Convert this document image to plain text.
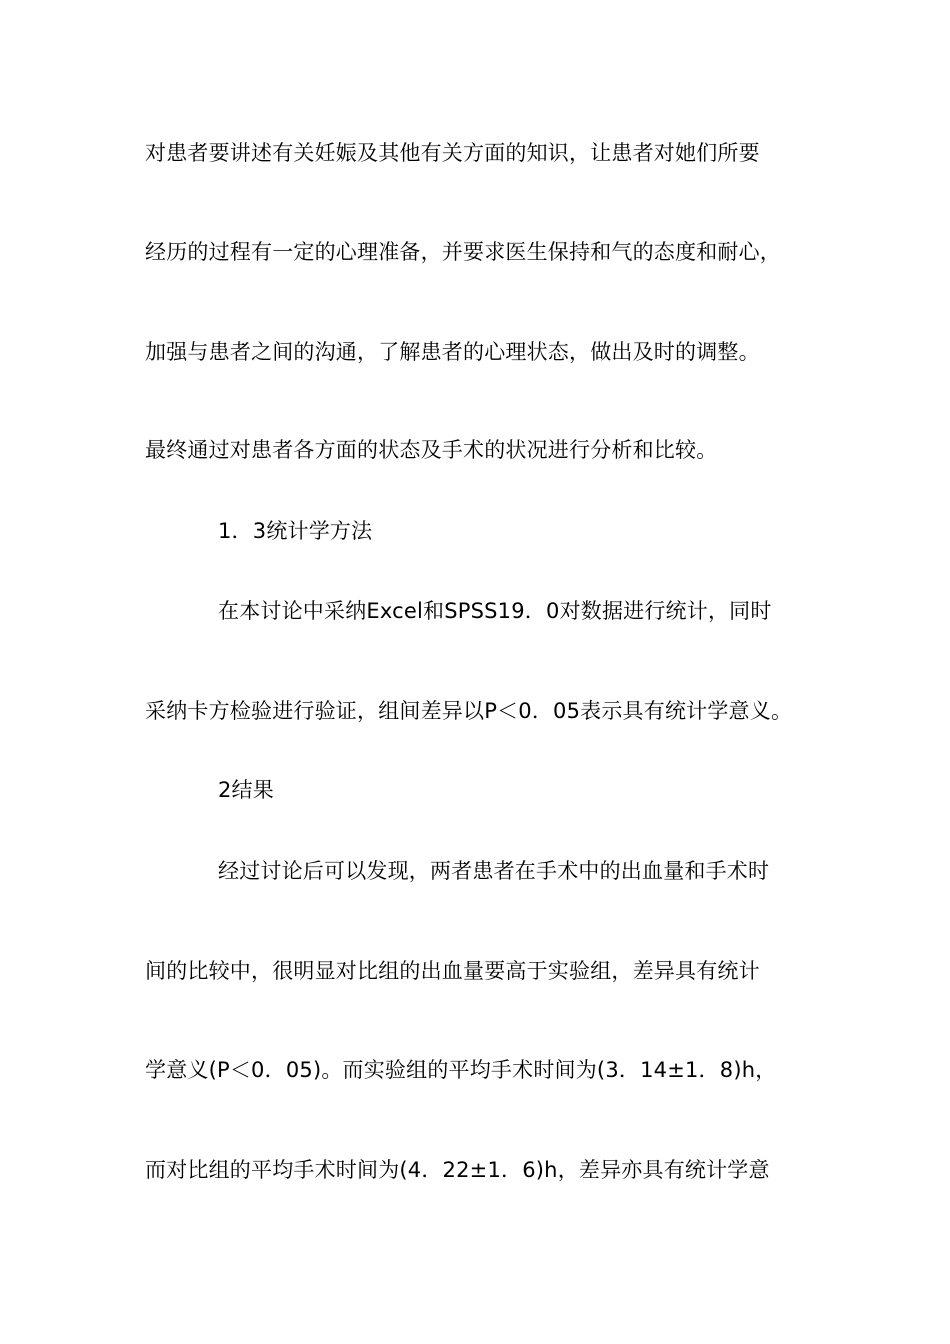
对患者要讲述有关妊娠及其他有关方面的知识，让患者对她们所要
经历的过程有一定的心理准备，并要求医生保持和气的态度和耐心，
加强与患者之间的沟通，了解患者的心理状态，做出及时的调整。
最终通过对患者各方面的状态及手术的状况进行分析和比较。
1．3统计学方法
在本讨论中采纳Excel和SPSS19．0对数据进行统计，同时
采纳卡方检验进行验证，组间差异以P＜0．05表示具有统计学意义。
2结果
经过讨论后可以发现，两者患者在手术中的出血量和手术时
间的比较中，很明显对比组的出血量要高于实验组，差异具有统计
学意义(P＜0．05)。而实验组的平均手术时间为(3．14±1．8)h，
而对比组的平均手术时间为(4．22±1．6)h，差异亦具有统计学意
